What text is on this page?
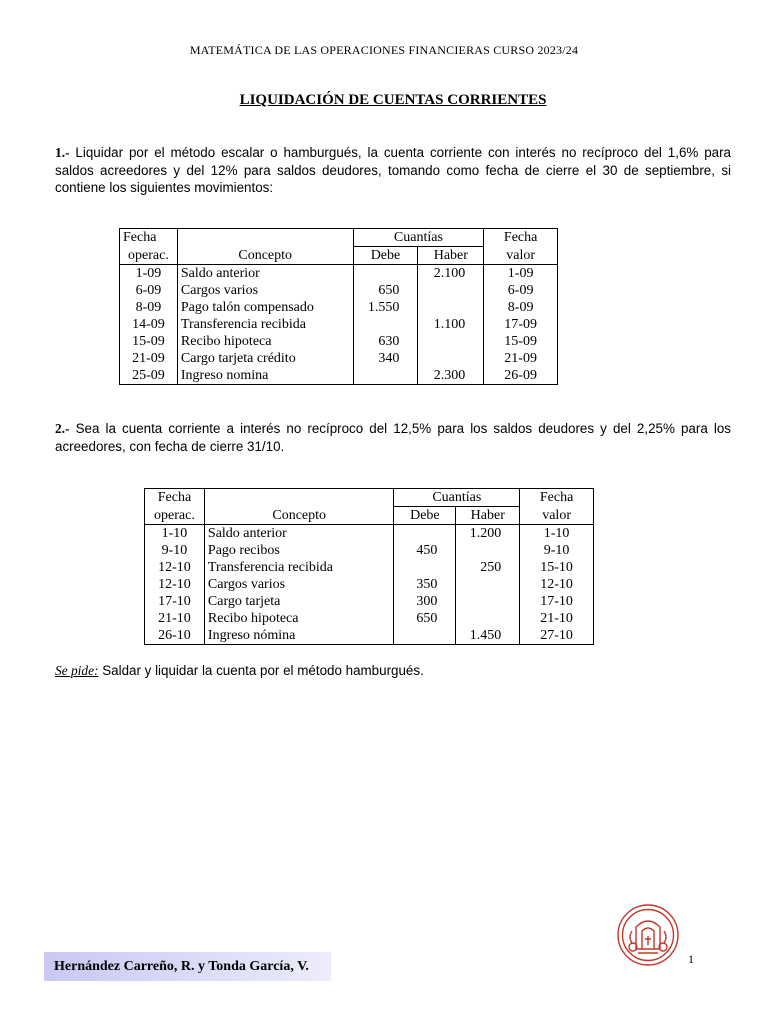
MATEMÁTICA DE LAS OPERACIONES FINANCIERAS CURSO 2023/24
LIQUIDACIÓN DE CUENTAS CORRIENTES
1.- Liquidar por el método escalar o hamburgués, la cuenta corriente con interés no recíproco del 1,6% para saldos acreedores y del 12% para saldos deudores, tomando como fecha de cierre el 30 de septiembre, si contiene los siguientes movimientos:
Fecha		Cuantías		Fecha
operac.	Concepto	Debe	Haber	valor
1-09	Saldo anterior		2.100	1-09
6-09	Cargos varios	650		6-09
8-09	Pago talón compensado	1.550		8-09
14-09	Transferencia recibida		1.100	17-09
15-09	Recibo hipoteca	630		15-09
21-09	Cargo tarjeta crédito	340		21-09
25-09	Ingreso nomina		2.300	26-09
2.- Sea la cuenta corriente a interés no recíproco del 12,5% para los saldos deudores y del 2,25% para los acreedores, con fecha de cierre 31/10.
Fecha		Cuantías		Fecha
operac.	Concepto	Debe	Haber	valor
1-10	Saldo anterior		1.200	1-10
9-10	Pago recibos	450		9-10
12-10	Transferencia recibida		250	15-10
12-10	Cargos varios	350		12-10
17-10	Cargo tarjeta	300		17-10
21-10	Recibo hipoteca	650		21-10
26-10	Ingreso nómina		1.450	27-10
Se pide: Saldar y liquidar la cuenta por el método hamburgués.
Hernández Carreño, R. y Tonda García, V.	1
